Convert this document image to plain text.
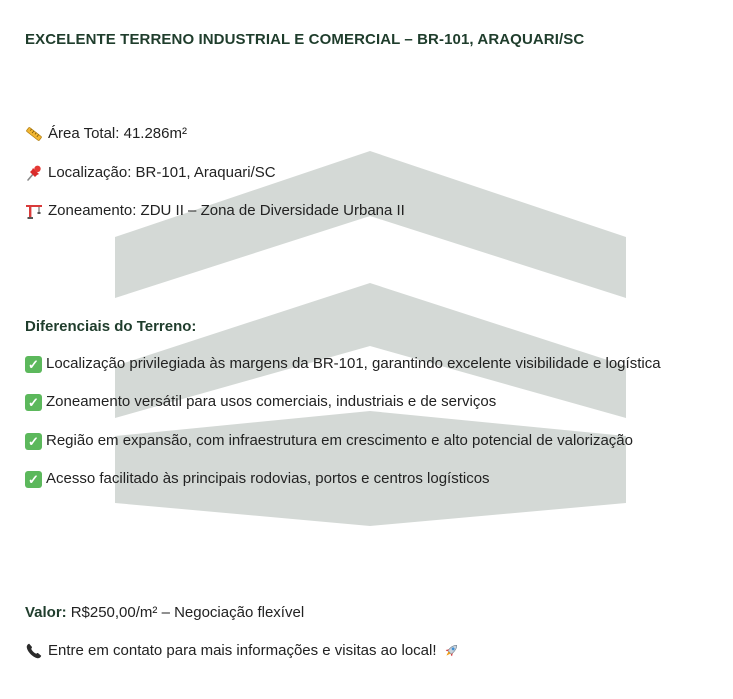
EXCELENTE TERRENO INDUSTRIAL E COMERCIAL – BR-101, ARAQUARI/SC
Área Total: 41.286m²
Localização: BR-101, Araquari/SC
Zoneamento: ZDU II – Zona de Diversidade Urbana II
Diferenciais do Terreno:
✓ Localização privilegiada às margens da BR-101, garantindo excelente visibilidade e logística
✓ Zoneamento versátil para usos comerciais, industriais e de serviços
✓ Região em expansão, com infraestrutura em crescimento e alto potencial de valorização
✓ Acesso facilitado às principais rodovias, portos e centros logísticos
Valor: R$250,00/m² – Negociação flexível
Entre em contato para mais informações e visitas ao local!
